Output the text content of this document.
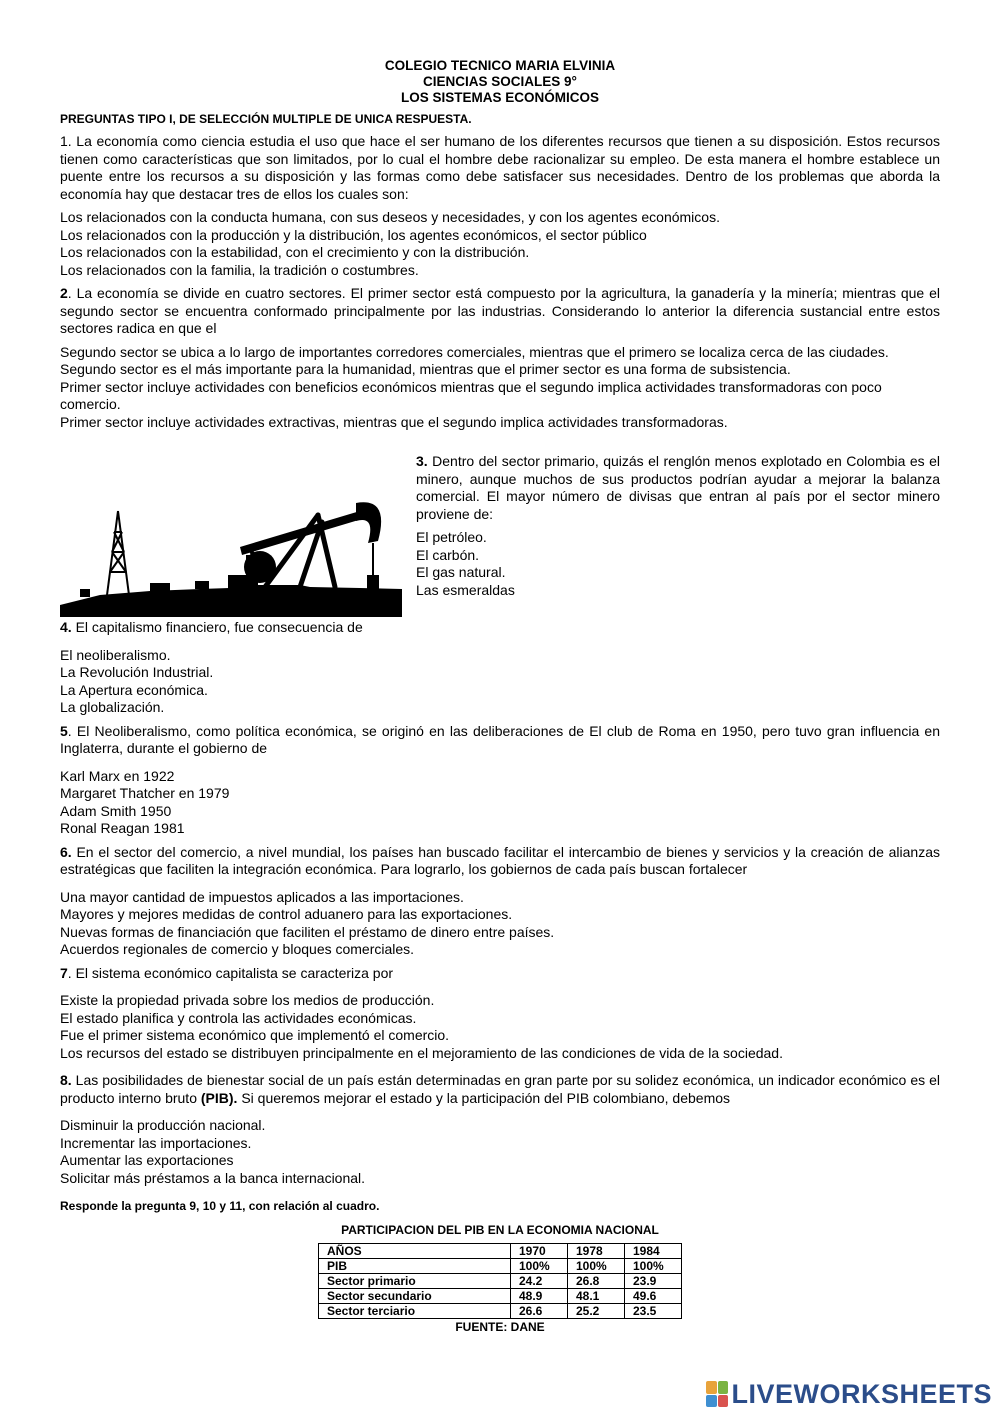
COLEGIO TECNICO MARIA ELVINIA
CIENCIAS SOCIALES 9°
LOS SISTEMAS ECONÓMICOS
PREGUNTAS TIPO I, DE SELECCIÓN MULTIPLE DE UNICA RESPUESTA.
1. La economía como ciencia estudia el uso que hace el ser humano de los diferentes recursos que tienen a su disposición. Estos recursos tienen como características que son limitados, por lo cual el hombre debe racionalizar su empleo. De esta manera el hombre establece un puente entre los recursos a su disposición y las formas como debe satisfacer sus necesidades. Dentro de los problemas que aborda la economía hay que destacar tres de ellos los cuales son:
Los relacionados con la conducta humana, con sus deseos y necesidades, y con los agentes económicos.
Los relacionados con la producción y la distribución, los agentes económicos, el sector público
Los relacionados con la estabilidad, con el crecimiento y con la distribución.
Los relacionados con la familia, la tradición o costumbres.
2. La economía se divide en cuatro sectores. El primer sector está compuesto por la agricultura, la ganadería y la minería; mientras que el segundo sector se encuentra conformado principalmente por las industrias. Considerando lo anterior la diferencia sustancial entre estos sectores radica en que el
Segundo sector se ubica a lo largo de importantes corredores comerciales, mientras que el primero se localiza cerca de las ciudades.
Segundo sector es el más importante para la humanidad, mientras que el primer sector es una forma de subsistencia.
Primer sector incluye actividades con beneficios económicos mientras que el segundo implica actividades transformadoras con poco comercio.
Primer sector incluye actividades extractivas, mientras que el segundo implica actividades transformadoras.
3. Dentro del sector primario, quizás el renglón menos explotado en Colombia es el minero, aunque muchos de sus productos podrían ayudar a mejorar la balanza comercial. El mayor número de divisas que entran al país por el sector minero proviene de:
El petróleo.
El carbón.
El gas natural.
Las esmeraldas
4. El capitalismo financiero, fue consecuencia de
El neoliberalismo.
La Revolución Industrial.
La Apertura económica.
La globalización.
5. El Neoliberalismo, como política económica, se originó en las deliberaciones de El club de Roma en 1950, pero tuvo gran influencia en Inglaterra, durante el gobierno de
Karl Marx en 1922
Margaret Thatcher en 1979
Adam Smith 1950
Ronal Reagan 1981
6. En el sector del comercio, a nivel mundial, los países han buscado facilitar el intercambio de bienes y servicios y la creación de alianzas estratégicas que faciliten la integración económica. Para lograrlo, los gobiernos de cada país buscan fortalecer
Una mayor cantidad de impuestos aplicados a las importaciones.
Mayores y mejores medidas de control aduanero para las exportaciones.
Nuevas formas de financiación que faciliten el préstamo de dinero entre países.
Acuerdos regionales de comercio y bloques comerciales.
7. El sistema económico capitalista se caracteriza por
Existe la propiedad privada sobre los medios de producción.
El estado planifica y controla las actividades económicas.
Fue el primer sistema económico que implementó el comercio.
Los recursos del estado se distribuyen principalmente en el mejoramiento de las condiciones de vida de la sociedad.
8. Las posibilidades de bienestar social de un país están determinadas en gran parte por su solidez económica, un indicador económico es el producto interno bruto (PIB). Si queremos mejorar el estado y la participación del PIB colombiano, debemos
Disminuir la producción nacional.
Incrementar las importaciones.
Aumentar las exportaciones
Solicitar más préstamos a la banca internacional.
Responde la pregunta 9, 10 y 11, con relación al cuadro.
PARTICIPACION DEL PIB EN LA ECONOMIA NACIONAL
AÑOS	1970	1978	1984
PIB	100%	100%	100%
Sector primario	24.2	26.8	23.9
Sector secundario	48.9	48.1	49.6
Sector terciario	26.6	25.2	23.5
FUENTE: DANE
LIVEWORKSHEETS
